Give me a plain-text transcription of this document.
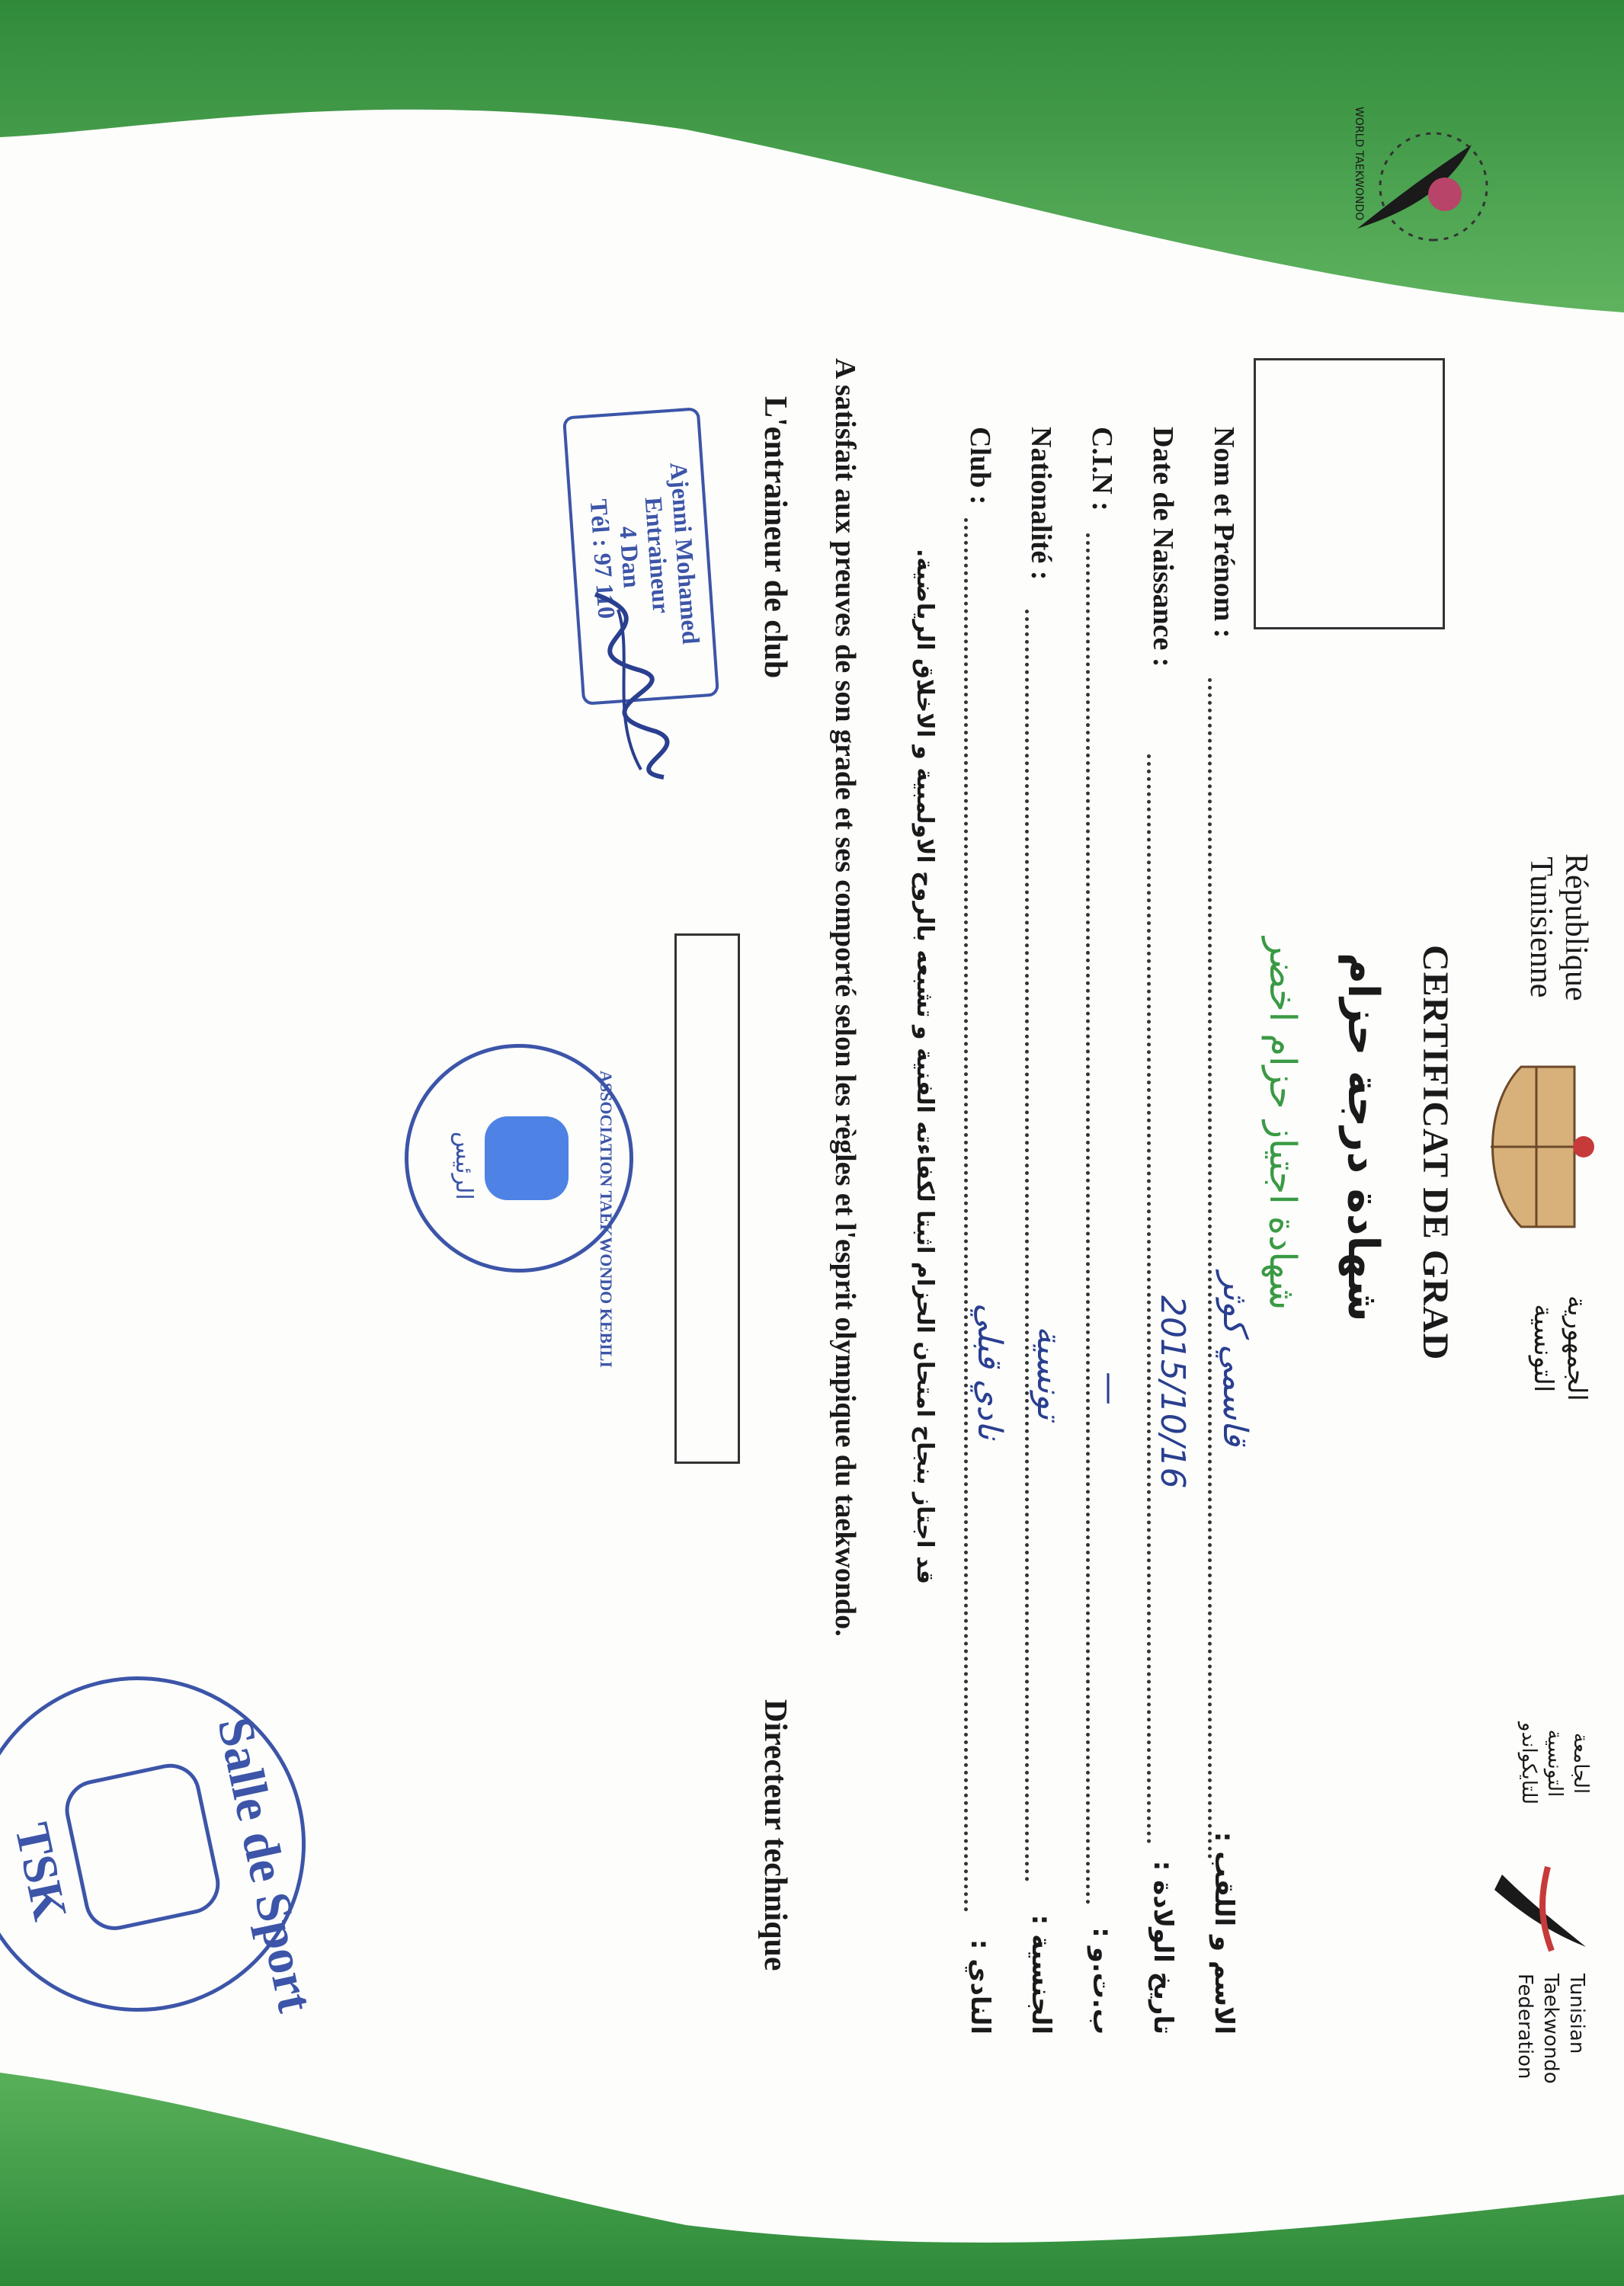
WORLD TAEKWONDO
République
Tunisienne
الجمهورية
التونسية
الجامعة
التونسية
للتايكواندو
Tunisian
Taekwondo
Federation
CERTIFICAT DE GRAD
شهادة درجة حزام
شهادة اجتياز حزام اخضر
Nom et Prénom :
قاسمي كوثر
الاسم و اللقب :
Date de Naissance :
2015/10/16
تاريخ الولادة :
C.I.N :
—
ب.ت.و :
Nationalité :
تونسية
الجنسية :
Club :
نادي قبلي
النادي :
قد اجتاز بنجاح امتحان الحزام اثبتا لكفاءته الفنية و تشبعه بالروح الاولمبية و الاخلاق الرياضية.
A satisfait aux preuves de son grade et ses comporté selon les règles et l'esprit olympique du taekwondo.
L'entraineur de club
Directeur technique
Ajenni Mohamed
Entraineur
4 Dan
Tél : 97 110
ASSOCIATION TAEKWONDO KEBILI
الرئيس
Salle de Sport
TSK
